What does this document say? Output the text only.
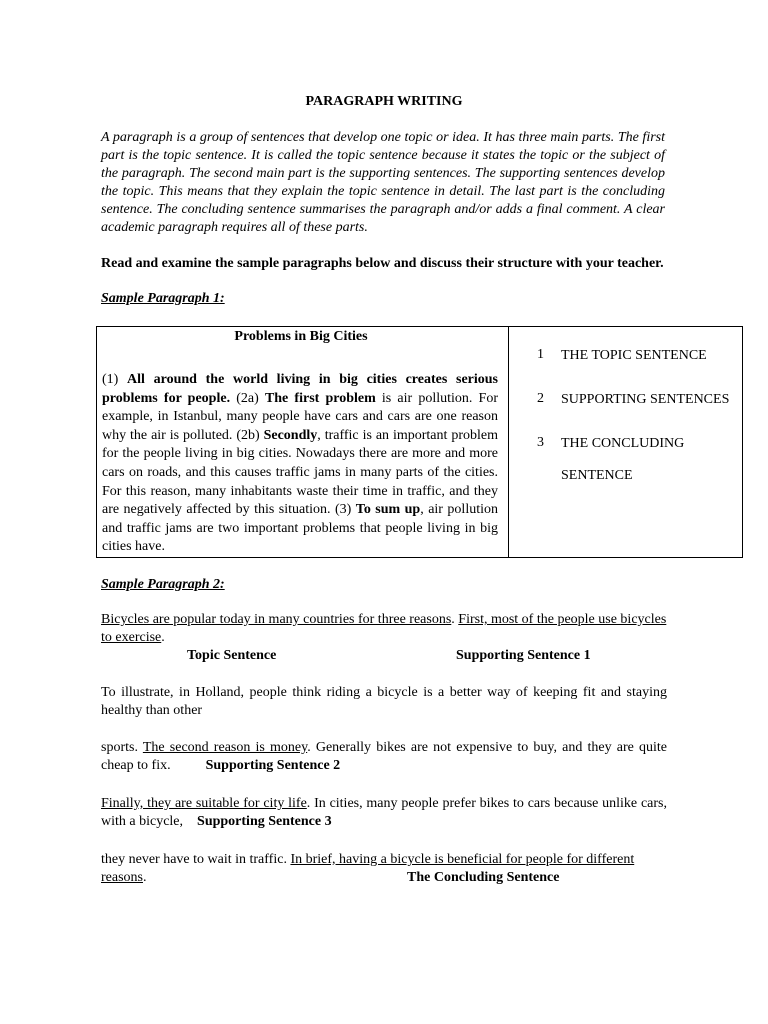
PARAGRAPH WRITING
A paragraph is a group of sentences that develop one topic or idea. It has three main parts. The first part is the topic sentence. It is called the topic sentence because it states the topic or the subject of the paragraph. The second main part is the supporting sentences. The supporting sentences develop the topic. This means that they explain the topic sentence in detail. The last part is the concluding sentence. The concluding sentence summarises the paragraph and/or adds a final comment. A clear academic paragraph requires all of these parts.
Read and examine the sample paragraphs below and discuss their structure with your teacher.
Sample Paragraph 1:
Problems in Big Cities
(1) All around the world living in big cities creates serious problems for people. (2a) The first problem is air pollution. For example, in Istanbul, many people have cars and cars are one reason why the air is polluted. (2b) Secondly, traffic is an important problem for the people living in big cities. Nowadays there are more and more cars on roads, and this causes traffic jams in many parts of the cities. For this reason, many inhabitants waste their time in traffic, and they are negatively affected by this situation. (3) To sum up, air pollution and traffic jams are two important problems that people living in big cities have.
1	THE TOPIC SENTENCE
2	SUPPORTING SENTENCES
3	THE CONCLUDING SENTENCE
Sample Paragraph 2:
Bicycles are popular today in many countries for three reasons. First, most of the people use bicycles to exercise.
Topic Sentence	Supporting Sentence 1
To illustrate, in Holland, people think riding a bicycle is a better way of keeping fit and staying healthy than other
sports. The second reason is money. Generally bikes are not expensive to buy, and they are quite cheap to fix.	Supporting Sentence 2
Finally, they are suitable for city life. In cities, many people prefer bikes to cars because unlike cars, with a bicycle, Supporting Sentence 3
they never have to wait in traffic. In brief, having a bicycle is beneficial for people for different reasons.	The Concluding Sentence
